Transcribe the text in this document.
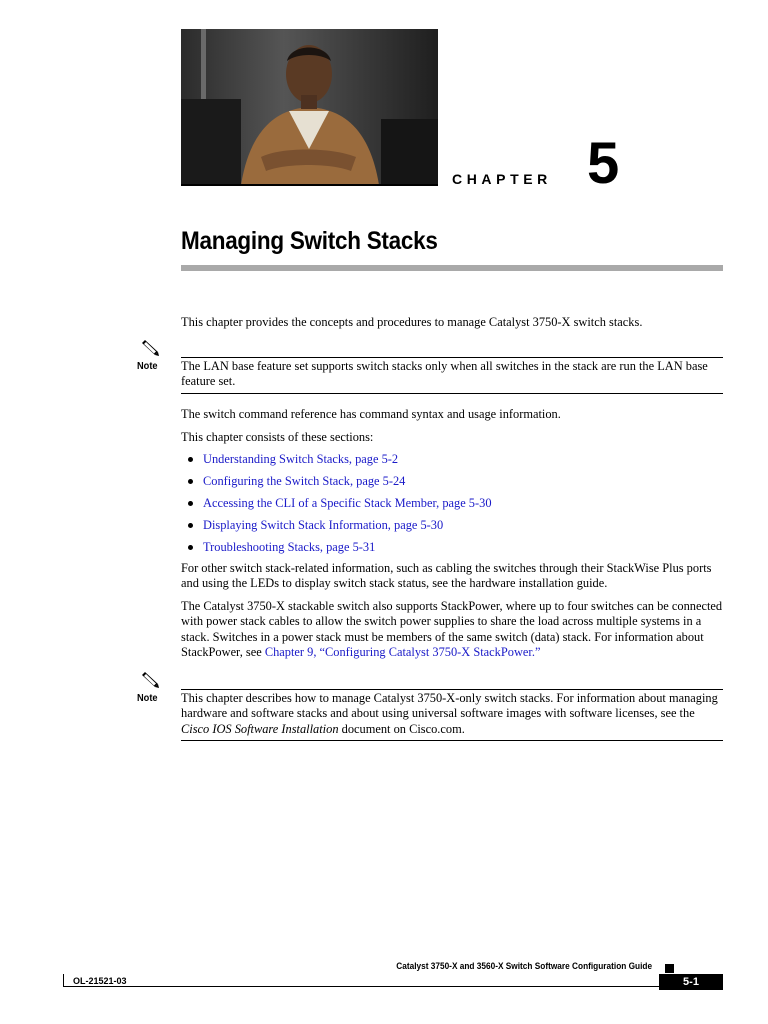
CHAPTER 5
Managing Switch Stacks

This chapter provides the concepts and procedures to manage Catalyst 3750-X switch stacks.

Note The LAN base feature set supports switch stacks only when all switches in the stack are run the LAN base feature set.

The switch command reference has command syntax and usage information.

This chapter consists of these sections:

Understanding Switch Stacks, page 5-2
Configuring the Switch Stack, page 5-24
Accessing the CLI of a Specific Stack Member, page 5-30
Displaying Switch Stack Information, page 5-30
Troubleshooting Stacks, page 5-31

For other switch stack-related information, such as cabling the switches through their StackWise Plus ports and using the LEDs to display switch stack status, see the hardware installation guide.

The Catalyst 3750-X stackable switch also supports StackPower, where up to four switches can be connected with power stack cables to allow the switch power supplies to share the load across multiple systems in a stack. Switches in a power stack must be members of the same switch (data) stack. For information about StackPower, see Chapter 9, “Configuring Catalyst 3750-X StackPower.”

Note This chapter describes how to manage Catalyst 3750-X-only switch stacks. For information about managing hardware and software stacks and about using universal software images with software licenses, see the Cisco IOS Software Installation document on Cisco.com.

Catalyst 3750-X and 3560-X Switch Software Configuration Guide
OL-21521-03	5-1
